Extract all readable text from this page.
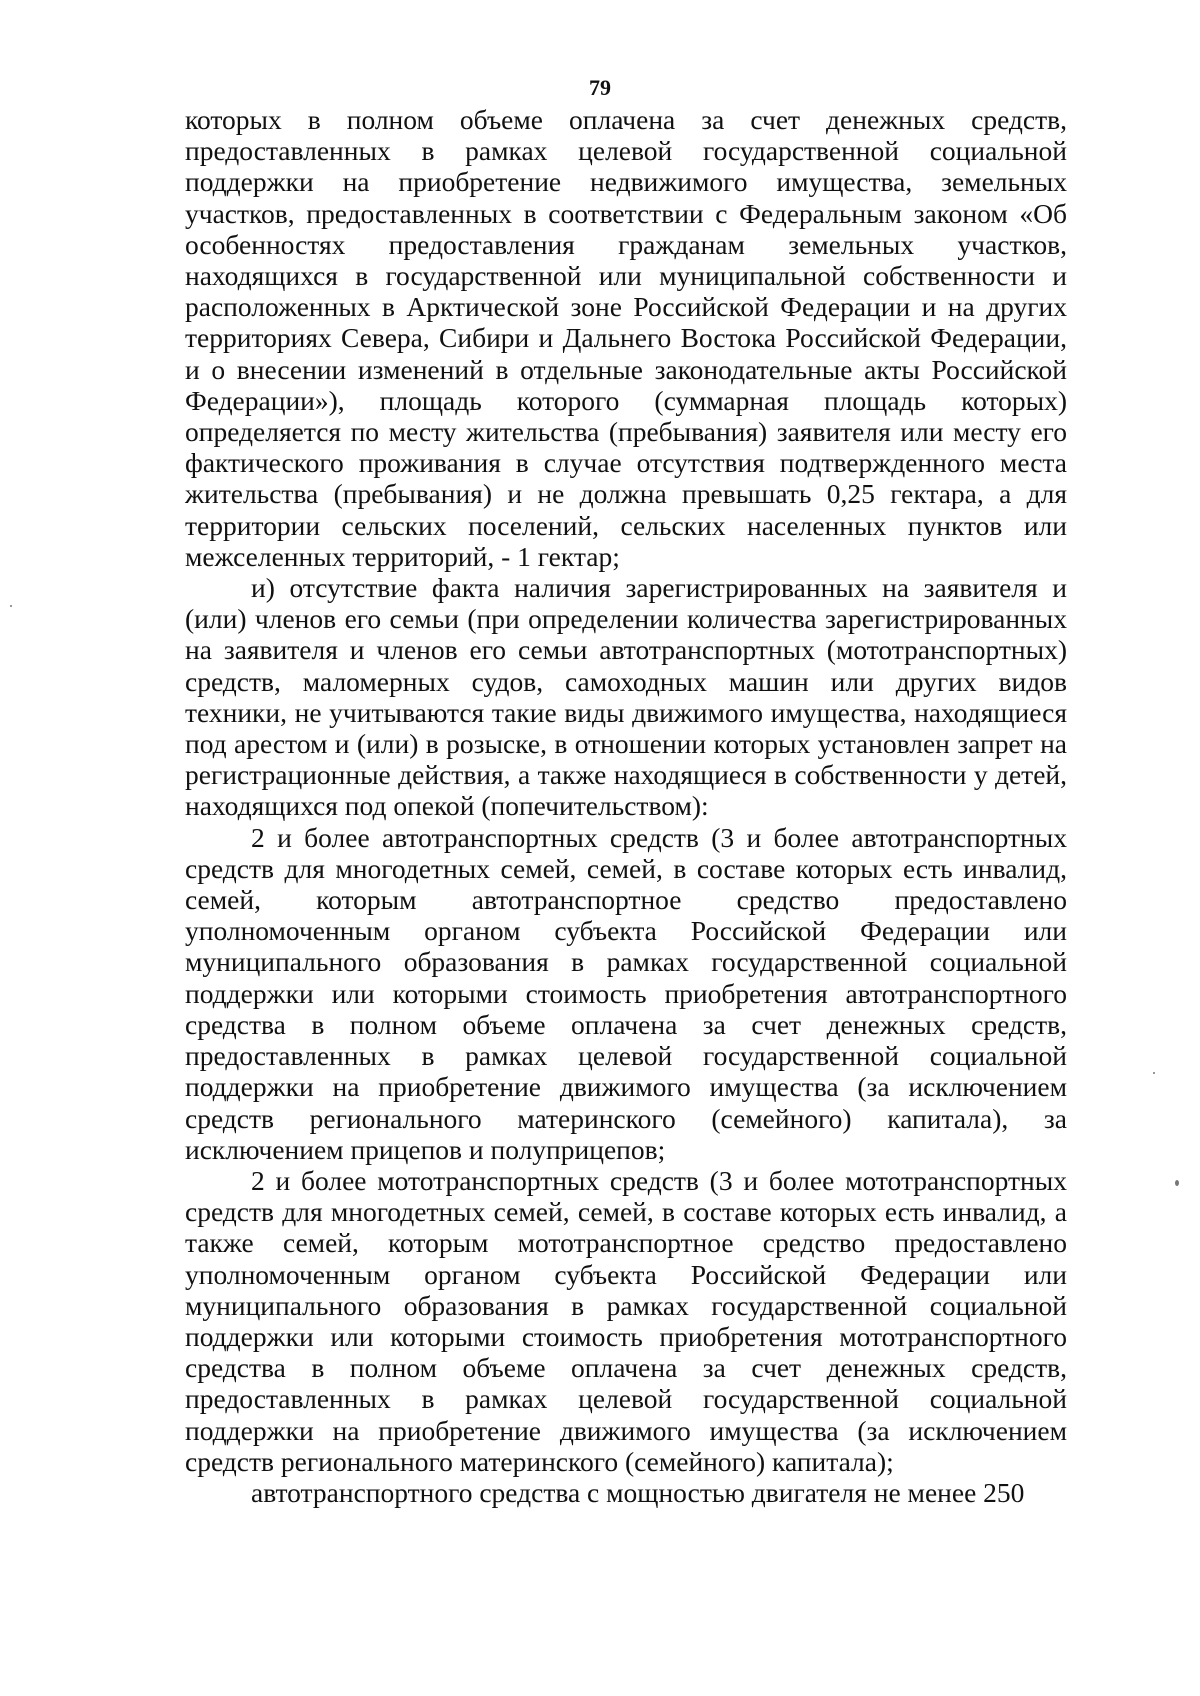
79

которых в полном объеме оплачена за счет денежных средств, предоставленных в рамках целевой государственной социальной поддержки на приобретение недвижимого имущества, земельных участков, предоставленных в соответствии с Федеральным законом «Об особенностях предоставления гражданам земельных участков, находящихся в государственной или муниципальной собственности и расположенных в Арктической зоне Российской Федерации и на других территориях Севера, Сибири и Дальнего Востока Российской Федерации, и о внесении изменений в отдельные законодательные акты Российской Федерации»), площадь которого (суммарная площадь которых) определяется по месту жительства (пребывания) заявителя или месту его фактического проживания в случае отсутствия подтвержденного места жительства (пребывания) и не должна превышать 0,25 гектара, а для территории сельских поселений, сельских населенных пунктов или межселенных территорий, - 1 гектар;

и) отсутствие факта наличия зарегистрированных на заявителя и (или) членов его семьи (при определении количества зарегистрированных на заявителя и членов его семьи автотранспортных (мототранспортных) средств, маломерных судов, самоходных машин или других видов техники, не учитываются такие виды движимого имущества, находящиеся под арестом и (или) в розыске, в отношении которых установлен запрет на регистрационные действия, а также находящиеся в собственности у детей, находящихся под опекой (попечительством):

2 и более автотранспортных средств (3 и более автотранспортных средств для многодетных семей, семей, в составе которых есть инвалид, семей, которым автотранспортное средство предоставлено уполномоченным органом субъекта Российской Федерации или муниципального образования в рамках государственной социальной поддержки или которыми стоимость приобретения автотранспортного средства в полном объеме оплачена за счет денежных средств, предоставленных в рамках целевой государственной социальной поддержки на приобретение движимого имущества (за исключением средств регионального материнского (семейного) капитала), за исключением прицепов и полуприцепов;

2 и более мототранспортных средств (3 и более мототранспортных средств для многодетных семей, семей, в составе которых есть инвалид, а также семей, которым мототранспортное средство предоставлено уполномоченным органом субъекта Российской Федерации или муниципального образования в рамках государственной социальной поддержки или которыми стоимость приобретения мототранспортного средства в полном объеме оплачена за счет денежных средств, предоставленных в рамках целевой государственной социальной поддержки на приобретение движимого имущества (за исключением средств регионального материнского (семейного) капитала);

автотранспортного средства с мощностью двигателя не менее 250
